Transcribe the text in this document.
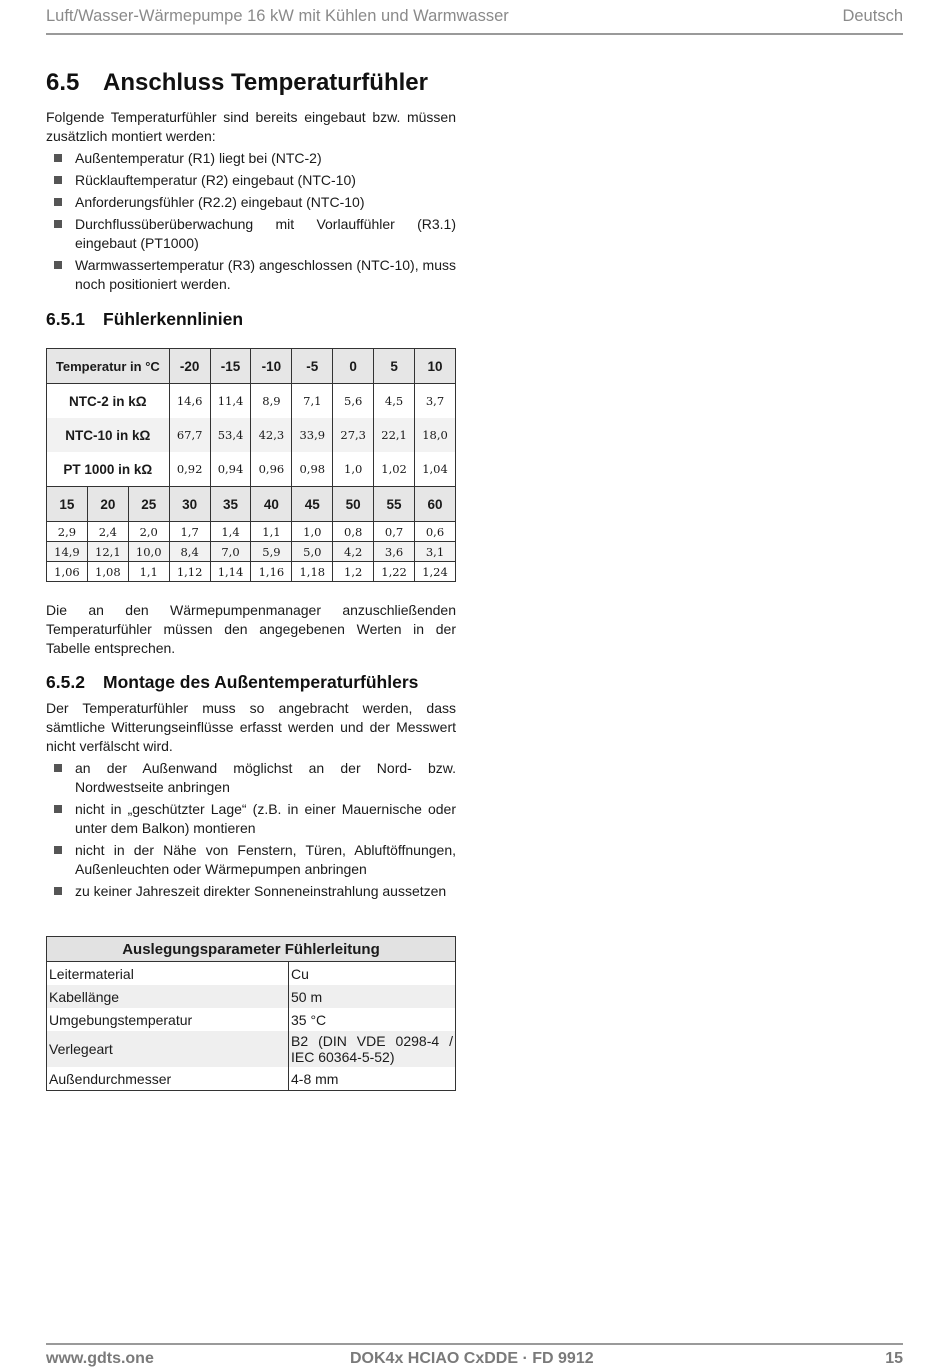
Luft/Wasser-Wärmepumpe 16 kW mit Kühlen und Warmwasser	Deutsch
6.5 Anschluss Temperaturfühler

Folgende Temperaturfühler sind bereits eingebaut bzw. müssen zusätzlich montiert werden:

Außentemperatur (R1) liegt bei (NTC-2)
Rücklauftemperatur (R2) eingebaut (NTC-10)
Anforderungsfühler (R2.2) eingebaut (NTC-10)
Durchflussüberüberwachung mit Vorlauffühler (R3.1) eingebaut (PT1000)
Warmwassertemperatur (R3) angeschlossen (NTC-10), muss noch positioniert werden.
6.5.1 Fühlerkennlinien
Temperatur in °C			-20	-15	-10	-5	0	5	10
NTC-2 in kΩ			14,6	11,4	8,9	7,1	5,6	4,5	3,7
NTC-10 in kΩ			67,7	53,4	42,3	33,9	27,3	22,1	18,0
PT 1000 in kΩ			0,92	0,94	0,96	0,98	1,0	1,02	1,04
15	20	25	30	35	40	45	50	55	60
2,9	2,4	2,0	1,7	1,4	1,1	1,0	0,8	0,7	0,6
14,9	12,1	10,0	8,4	7,0	5,9	5,0	4,2	3,6	3,1
1,06	1,08	1,1	1,12	1,14	1,16	1,18	1,2	1,22	1,24

Die an den Wärmepumpenmanager anzuschließenden Temperaturfühler müssen den angegebenen Werten in der Tabelle entsprechen.

6.5.2 Montage des Außentemperaturfühlers

Der Temperaturfühler muss so angebracht werden, dass sämtliche Witterungseinflüsse erfasst werden und der Messwert nicht verfälscht wird.

an der Außenwand möglichst an der Nord- bzw. Nordwestseite anbringen
nicht in „geschützter Lage“ (z.B. in einer Mauernische oder unter dem Balkon) montieren
nicht in der Nähe von Fenstern, Türen, Abluftöffnungen, Außenleuchten oder Wärmepumpen anbringen
zu keiner Jahreszeit direkter Sonneneinstrahlung aussetzen
Auslegungsparameter Fühlerleitung	
Leitermaterial	Cu
Kabellänge	50 m
Umgebungstemperatur	35 °C
Verlegeart	B2 (DIN VDE 0298-4 / IEC 60364-5-52)
Außendurchmesser	4-8 mm
www.gdts.one	DOK4x HCIAO CxDDE · FD 9912	15
